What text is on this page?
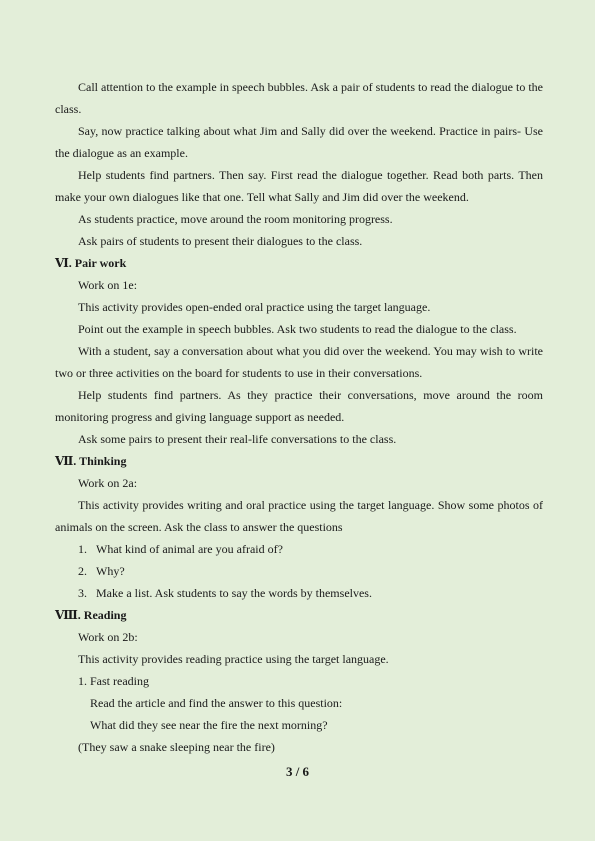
Call attention to the example in speech bubbles. Ask a pair of students to read the dialogue to the class.

Say, now practice talking about what Jim and Sally did over the weekend. Practice in pairs- Use the dialogue as an example.

Help students find partners. Then say. First read the dialogue together. Read both parts. Then make your own dialogues like that one. Tell what Sally and Jim did over the weekend.

As students practice, move around the room monitoring progress.

Ask pairs of students to present their dialogues to the class.

Ⅵ. Pair work

Work on 1e:

This activity provides open-ended oral practice using the target language.

Point out the example in speech bubbles. Ask two students to read the dialogue to the class.

With a student, say a conversation about what you did over the weekend. You may wish to write two or three activities on the board for students to use in their conversations.

Help students find partners. As they practice their conversations, move around the room monitoring progress and giving language support as needed.

Ask some pairs to present their real-life conversations to the class.

Ⅶ. Thinking

Work on 2a:

This activity provides writing and oral practice using the target language. Show some photos of animals on the screen. Ask the class to answer the questions

1. What kind of animal are you afraid of?

2. Why?

3. Make a list. Ask students to say the words by themselves.

Ⅷ. Reading

Work on 2b:

This activity provides reading practice using the target language.

1. Fast reading

Read the article and find the answer to this question:

What did they see near the fire the next morning?

(They saw a snake sleeping near the fire)

3 / 6
